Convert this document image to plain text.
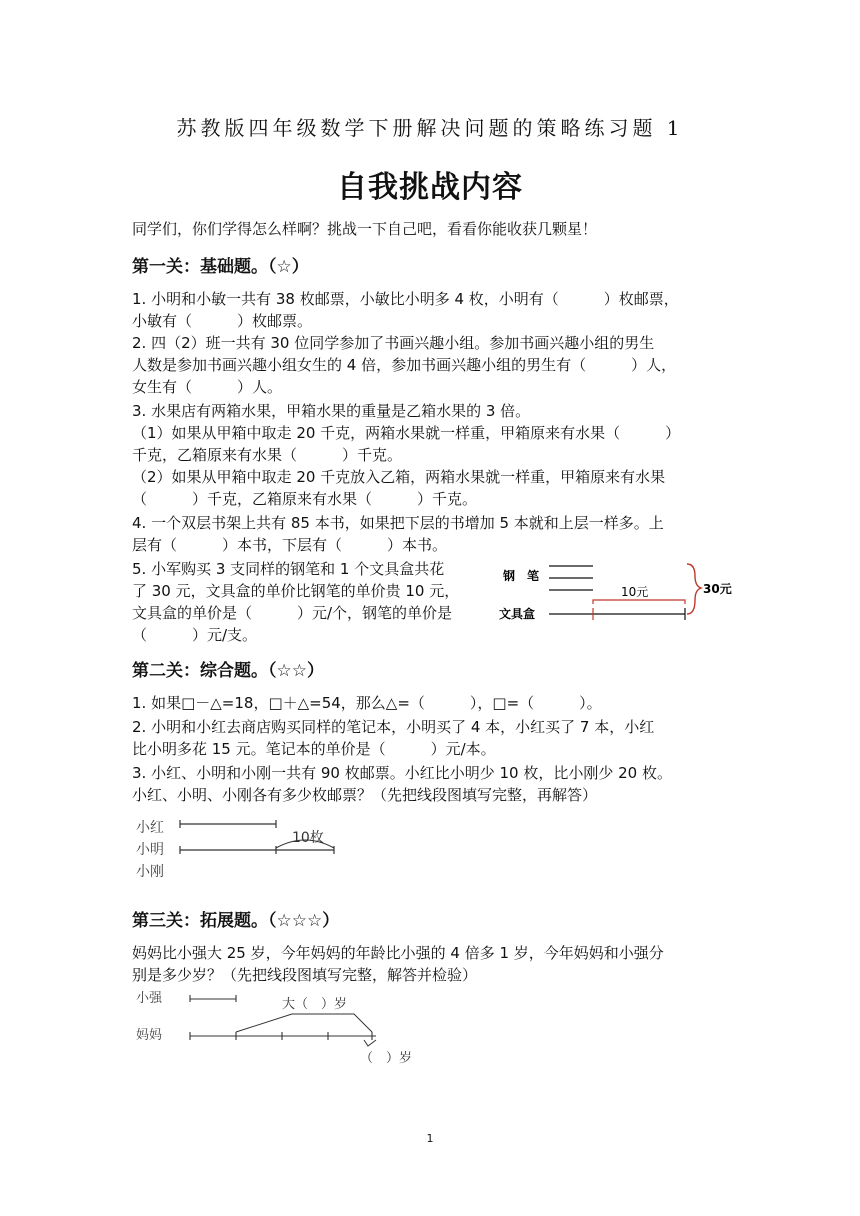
苏教版四年级数学下册解决问题的策略练习题 1
自我挑战内容
同学们，你们学得怎么样啊？挑战一下自己吧，看看你能收获几颗星！
第一关：基础题。（☆）
1. 小明和小敏一共有 38 枚邮票，小敏比小明多 4 枚，小明有（　　　）枚邮票，
小敏有（　　　）枚邮票。
2. 四（2）班一共有 30 位同学参加了书画兴趣小组。参加书画兴趣小组的男生
人数是参加书画兴趣小组女生的 4 倍，参加书画兴趣小组的男生有（　　　）人，
女生有（　　　）人。
3. 水果店有两箱水果，甲箱水果的重量是乙箱水果的 3 倍。
（1）如果从甲箱中取走 20 千克，两箱水果就一样重，甲箱原来有水果（　　　）
千克，乙箱原来有水果（　　　）千克。
（2）如果从甲箱中取走 20 千克放入乙箱，两箱水果就一样重，甲箱原来有水果
（　　　）千克，乙箱原来有水果（　　　）千克。
4. 一个双层书架上共有 85 本书，如果把下层的书增加 5 本就和上层一样多。上
层有（　　　）本书，下层有（　　　）本书。
5. 小军购买 3 支同样的钢笔和 1 个文具盒共花
了 30 元，文具盒的单价比钢笔的单价贵 10 元，
文具盒的单价是（　　　）元/个，钢笔的单价是
（　　　）元/支。
钢　笔
文具盒
10元	30元
第二关：综合题。（☆☆）
1. 如果□－△=18，□＋△=54，那么△=（　　　），□=（　　　）。
2. 小明和小红去商店购买同样的笔记本，小明买了 4 本，小红买了 7 本，小红
比小明多花 15 元。笔记本的单价是（　　　）元/本。
3. 小红、小明和小刚一共有 90 枚邮票。小红比小明少 10 枚，比小刚少 20 枚。
小红、小明、小刚各有多少枚邮票？（先把线段图填写完整，再解答）
小红
小明
小刚
10枚
第三关：拓展题。（☆☆☆）
妈妈比小强大 25 岁，今年妈妈的年龄比小强的 4 倍多 1 岁，今年妈妈和小强分
别是多少岁？（先把线段图填写完整，解答并检验）
小强
妈妈
大（　）岁
（　）岁
1
